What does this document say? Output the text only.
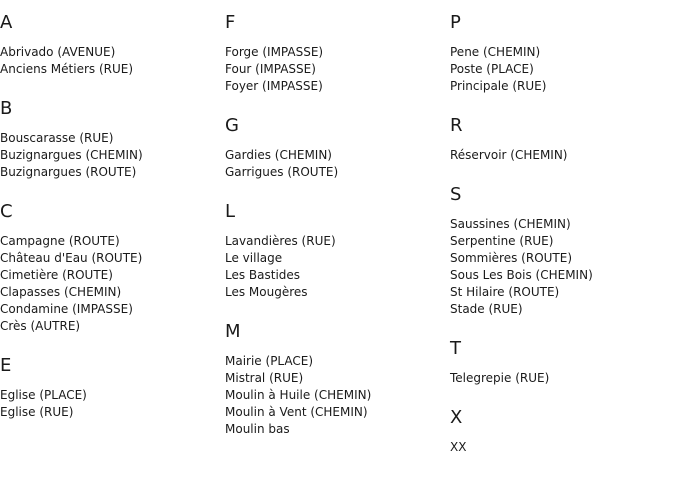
A
Abrivado (AVENUE)
Anciens Métiers (RUE)
B
Bouscarasse (RUE)
Buzignargues (CHEMIN)
Buzignargues (ROUTE)
C
Campagne (ROUTE)
Château d'Eau (ROUTE)
Cimetière (ROUTE)
Clapasses (CHEMIN)
Condamine (IMPASSE)
Crès (AUTRE)
E
Eglise (PLACE)
Eglise (RUE)
F
Forge (IMPASSE)
Four (IMPASSE)
Foyer (IMPASSE)
G
Gardies (CHEMIN)
Garrigues (ROUTE)
L
Lavandières (RUE)
Le village
Les Bastides
Les Mougères
M
Mairie (PLACE)
Mistral (RUE)
Moulin à Huile (CHEMIN)
Moulin à Vent (CHEMIN)
Moulin bas
P
Pene (CHEMIN)
Poste (PLACE)
Principale (RUE)
R
Réservoir (CHEMIN)
S
Saussines (CHEMIN)
Serpentine (RUE)
Sommières (ROUTE)
Sous Les Bois (CHEMIN)
St Hilaire (ROUTE)
Stade (RUE)
T
Telegrepie (RUE)
X
XX
